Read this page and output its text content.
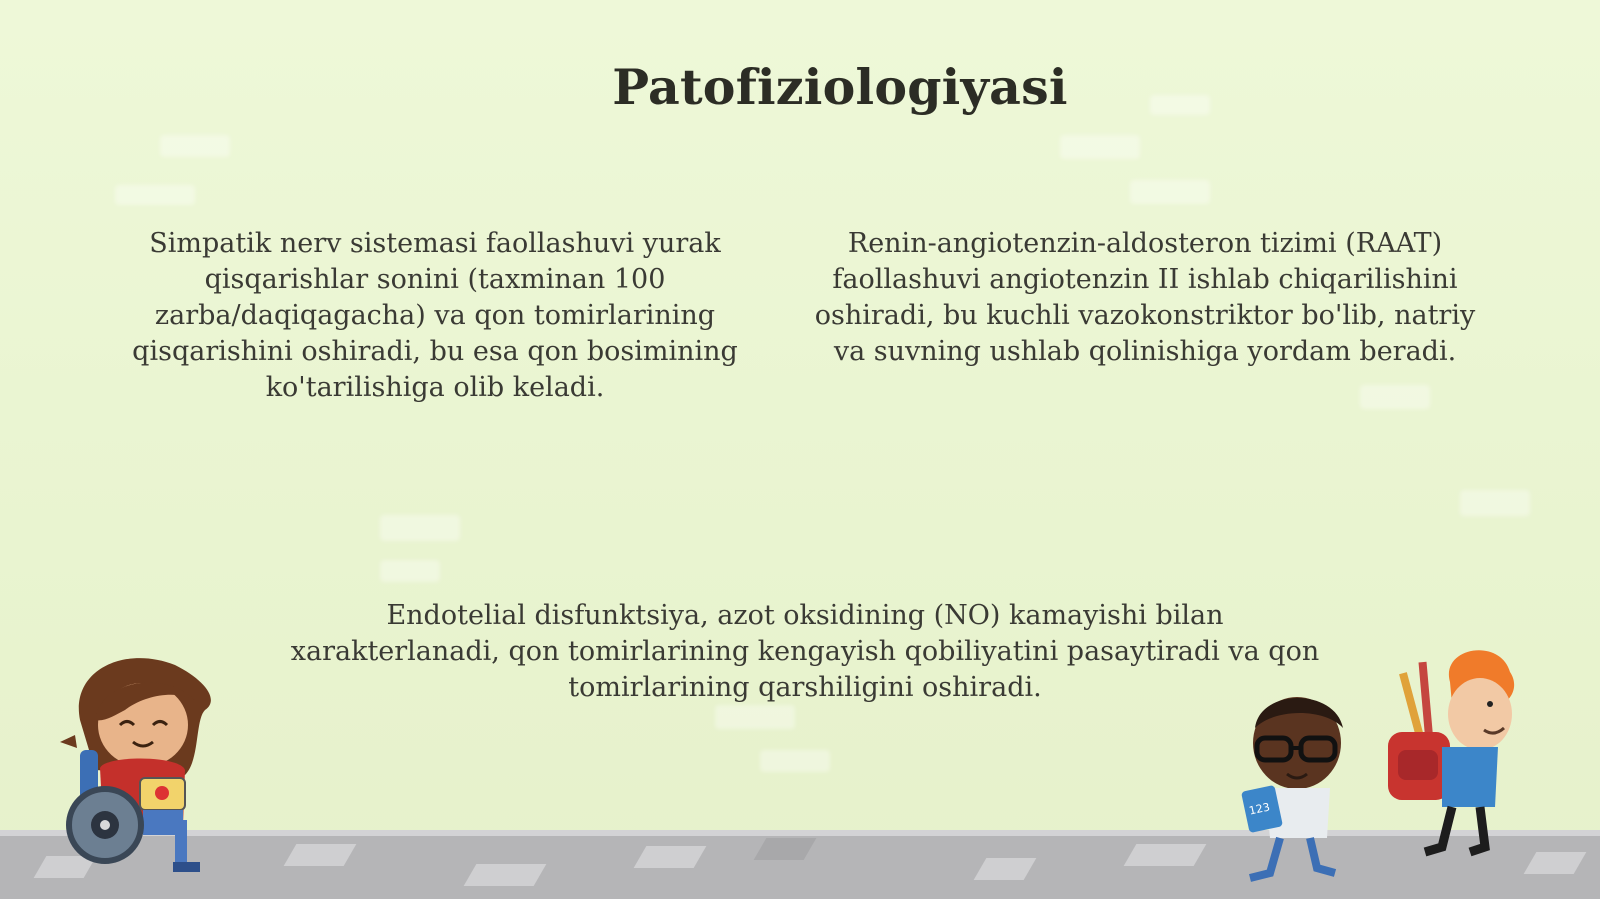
Patofiziologiyasi
Simpatik nerv sistemasi faollashuvi yurak qisqarishlar sonini (taxminan 100 zarba/daqiqagacha) va qon tomirlarining qisqarishini oshiradi, bu esa qon bosimining ko'tarilishiga olib keladi.
Renin-angiotenzin-aldosteron tizimi (RAAT) faollashuvi angiotenzin II ishlab chiqarilishini oshiradi, bu kuchli vazokonstriktor bo'lib, natriy va suvning ushlab qolinishiga yordam beradi.
Endotelial disfunktsiya, azot oksidining (NO) kamayishi bilan xarakterlanadi, qon tomirlarining kengayish qobiliyatini pasaytiradi va qon tomirlarining qarshiligini oshiradi.
123
